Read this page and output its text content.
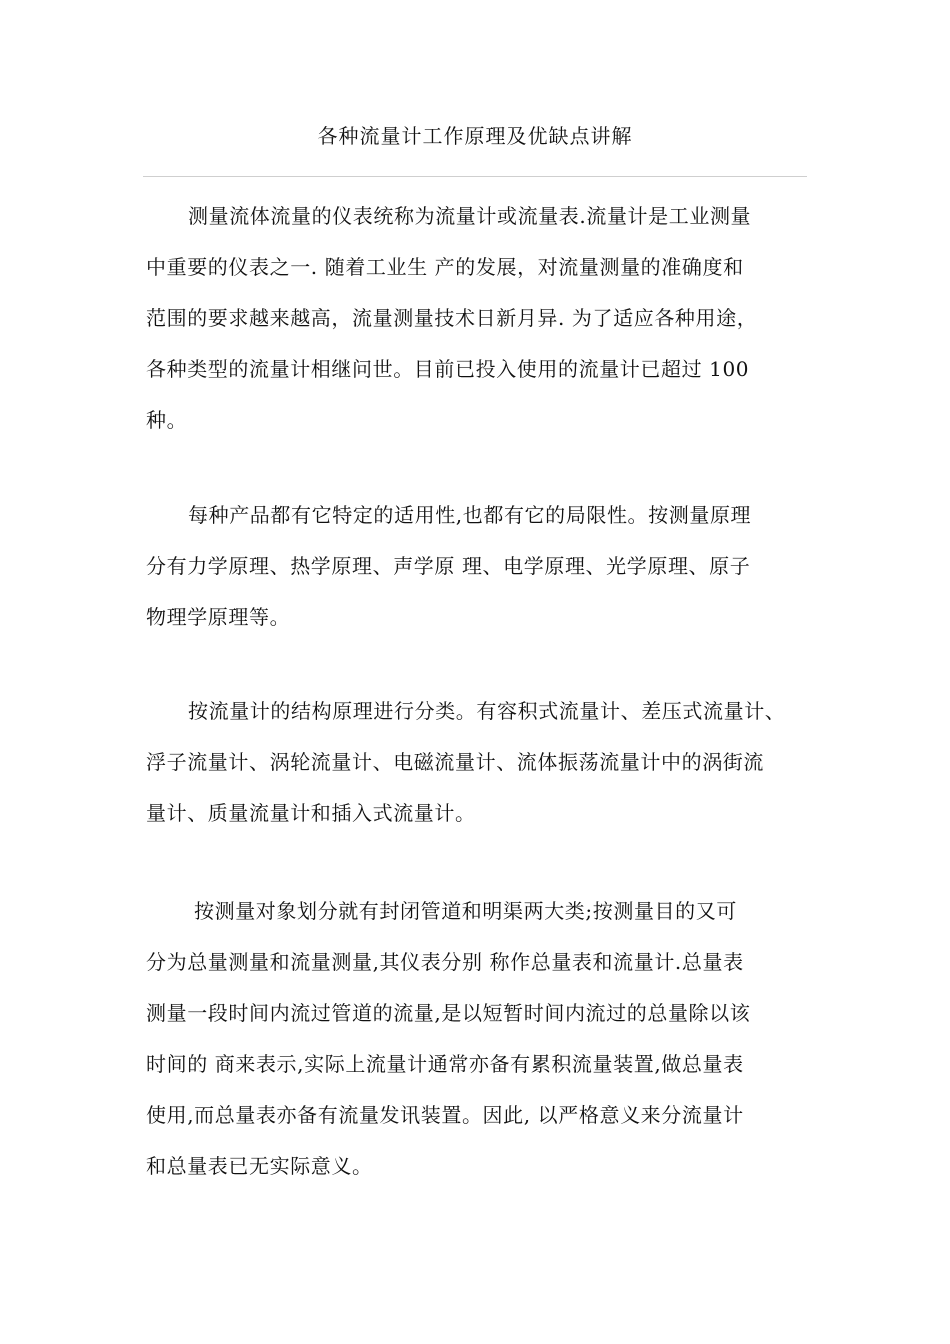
各种流量计工作原理及优缺点讲解
测量流体流量的仪表统称为流量计或流量表.流量计是工业测量
中重要的仪表之一. 随着工业生 产的发展，对流量测量的准确度和
范围的要求越来越高，流量测量技术日新月异. 为了适应各种用途，
各种类型的流量计相继问世。目前已投入使用的流量计已超过 100
种。
每种产品都有它特定的适用性,也都有它的局限性。按测量原理
分有力学原理、热学原理、声学原 理、电学原理、光学原理、原子
物理学原理等。
按流量计的结构原理进行分类。有容积式流量计、差压式流量计、
浮子流量计、涡轮流量计、电磁流量计、流体振荡流量计中的涡街流
量计、质量流量计和插入式流量计。
按测量对象划分就有封闭管道和明渠两大类;按测量目的又可
分为总量测量和流量测量,其仪表分别 称作总量表和流量计.总量表
测量一段时间内流过管道的流量,是以短暂时间内流过的总量除以该
时间的 商来表示,实际上流量计通常亦备有累积流量装置,做总量表
使用,而总量表亦备有流量发讯装置。因此, 以严格意义来分流量计
和总量表已无实际意义。
